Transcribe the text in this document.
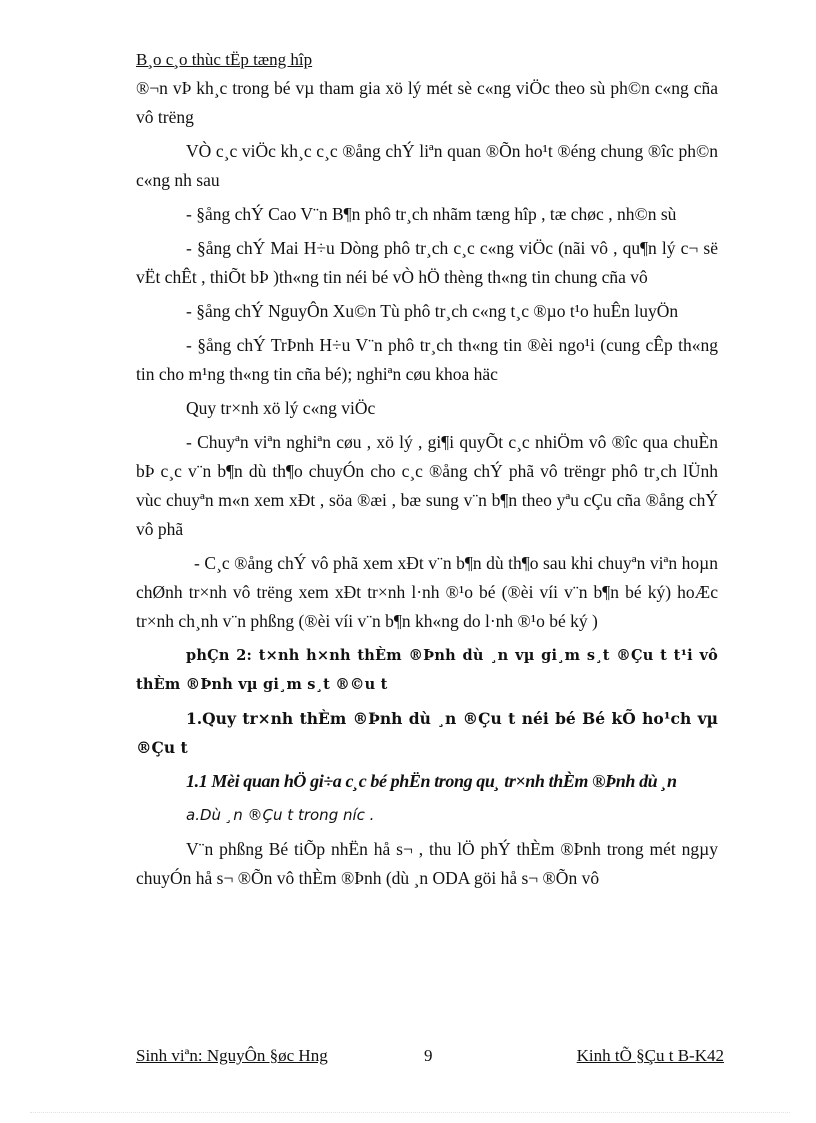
B¸o c¸o thùc tËp tæng hîp

®¬n vÞ kh¸c trong bé vµ tham gia xö lý mét sè c«ng viÖc theo sù ph©n c«ng cña vô trëng

VÒ c¸c viÖc kh¸c c¸c ®ång chÝ liªn quan ®Õn ho¹t ®éng chung ®îc ph©n c«ng nh sau

- §ång chÝ Cao V¨n B¶n phô tr¸ch nhãm tæng hîp , tæ chøc , nh©n sù

- §ång chÝ Mai H÷u Dòng phô tr¸ch c¸c c«ng viÖc (nãi vô , qu¶n lý c¬ së vËt chÊt , thiÕt bÞ )th«ng tin néi bé vÒ hÖ thèng th«ng tin chung cña vô

- §ång chÝ NguyÔn Xu©n Tù phô tr¸ch c«ng t¸c ®µo t¹o huÊn luyÖn

- §ång chÝ TrÞnh H÷u V¨n phô tr¸ch th«ng tin ®èi ngo¹i (cung cÊp th«ng tin cho m¹ng th«ng tin cña bé); nghiªn cøu khoa häc

Quy tr×nh xö lý c«ng viÖc

- Chuyªn viªn nghiªn cøu , xö lý , gi¶i quyÕt c¸c nhiÖm vô ®îc qua chuÈn bÞ c¸c v¨n b¶n dù th¶o chuyÓn cho c¸c ®ång chÝ phã vô trëngr phô tr¸ch lÜnh vùc chuyªn m«n xem xÐt , söa ®æi , bæ sung v¨n b¶n theo yªu cÇu cña ®ång chÝ vô phã

- C¸c ®ång chÝ vô phã xem xÐt v¨n b¶n dù th¶o sau khi chuyªn viªn hoµn chØnh tr×nh vô trëng xem xÐt tr×nh l·nh ®¹o bé (®èi víi v¨n b¶n bé ký) hoÆc tr×nh ch¸nh v¨n phßng (®èi víi v¨n b¶n kh«ng do l·nh ®¹o bé ký )

phÇn 2: t×nh h×nh thÈm ®Þnh dù ¸n vµ gi¸m s¸t ®Çu t t¹i vô thÈm ®Þnh vµ gi¸m s¸t ®©u t

1.Quy tr×nh thÈm ®Þnh dù ¸n ®Çu t néi bé Bé kÕ ho¹ch vµ ®Çu t

1.1 Mèi quan hÖ gi÷a c¸c bé phËn trong qu¸ tr×nh thÈm ®Þnh dù ¸n

a.Dù ¸n ®Çu t trong níc .

V¨n phßng Bé tiÕp nhËn hå s¬ , thu lÖ phÝ thÈm ®Þnh trong mét ngµy chuyÓn hå s¬ ®Õn vô thÈm ®Þnh (dù ¸n ODA göi hå s¬ ®Õn vô

Sinh viªn: NguyÔn §øc Hng	9	Kinh tÕ §Çu t B-K42
